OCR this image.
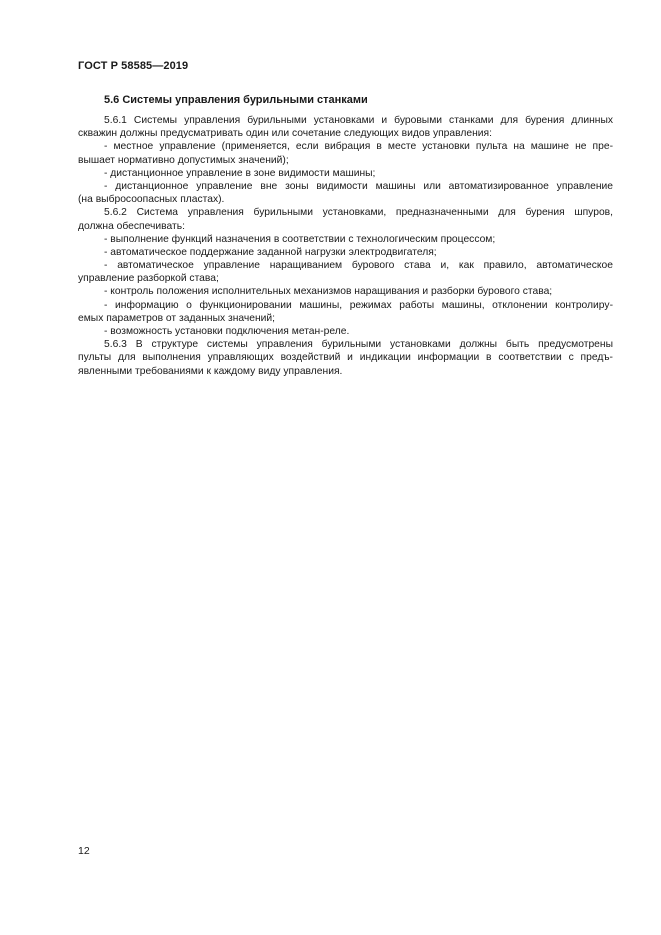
ГОСТ Р 58585—2019
5.6 Системы управления бурильными станками
5.6.1 Системы управления бурильными установками и буровыми станками для бурения длинных
скважин должны предусматривать один или сочетание следующих видов управления:
- местное управление (применяется, если вибрация в месте установки пульта на машине не пре-
вышает нормативно допустимых значений);
- дистанционное управление в зоне видимости машины;
- дистанционное управление вне зоны видимости машины или автоматизированное управление
(на выбросоопасных пластах).
5.6.2 Система управления бурильными установками, предназначенными для бурения шпуров,
должна обеспечивать:
- выполнение функций назначения в соответствии с технологическим процессом;
- автоматическое поддержание заданной нагрузки электродвигателя;
- автоматическое управление наращиванием бурового става и, как правило, автоматическое
управление разборкой става;
- контроль положения исполнительных механизмов наращивания и разборки бурового става;
- информацию о функционировании машины, режимах работы машины, отклонении контролиру-
емых параметров от заданных значений;
- возможность установки подключения метан-реле.
5.6.3 В структуре системы управления бурильными установками должны быть предусмотрены
пульты для выполнения управляющих воздействий и индикации информации в соответствии с предъ-
явленными требованиями к каждому виду управления.
12
